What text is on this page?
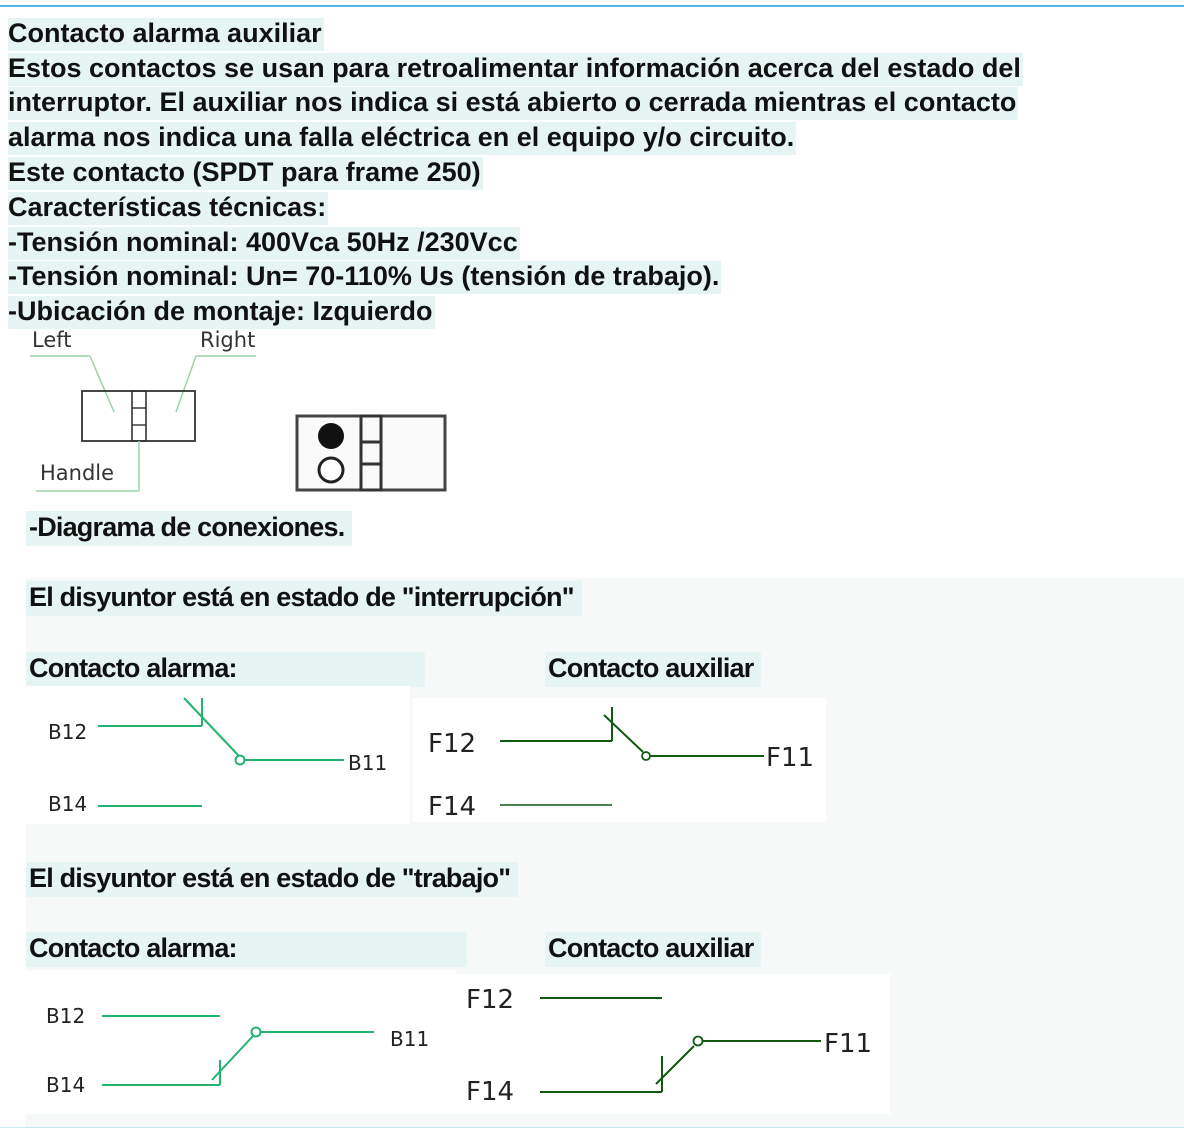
Contacto alarma auxiliar
Estos contactos se usan para retroalimentar información acerca del estado del
interruptor. El auxiliar nos indica si está abierto o cerrada mientras el contacto
alarma nos indica una falla eléctrica en el equipo y/o circuito.
Este contacto (SPDT para frame 250)
Características técnicas:
-Tensión nominal: 400Vca 50Hz /230Vcc
-Tensión nominal: Un= 70-110% Us (tensión de trabajo).
-Ubicación de montaje: Izquierdo
Left	Right
Handle
-Diagrama de conexiones.
El disyuntor está en estado de "interrupción"
Contacto alarma:	Contacto auxiliar
B12
B11
B14
F12	F11
F14
El disyuntor está en estado de "trabajo"
Contacto alarma:	Contacto auxiliar
B12
B11
B14
F12
F11
F14
